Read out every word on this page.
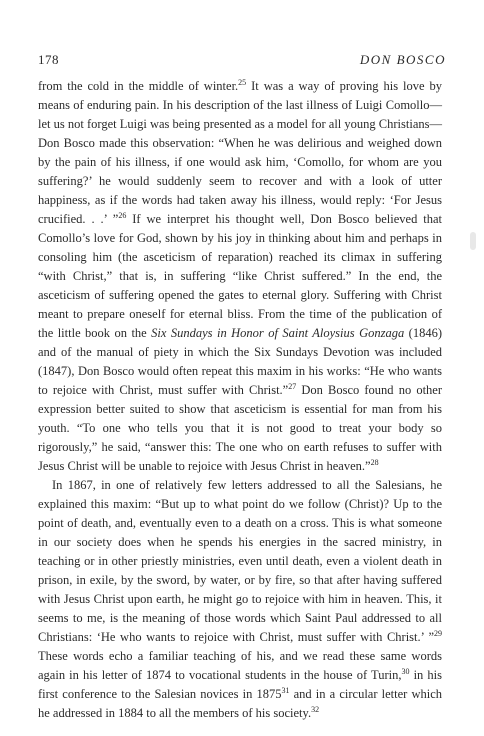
178	DON BOSCO

from the cold in the middle of winter.$^{25}$ It was a way of proving his love by means of enduring pain. In his description of the last illness of Luigi Comollo—let us not forget Luigi was being presented as a model for all young Christians—Don Bosco made this observation: “When he was delirious and weighed down by the pain of his illness, if one would ask him, ‘Comollo, for whom are you suffering?’ he would suddenly seem to recover and with a look of utter happiness, as if the words had taken away his illness, would reply: ‘For Jesus crucified. . .’ ”$^{26}$ If we interpret his thought well, Don Bosco believed that Comollo’s love for God, shown by his joy in thinking about him and perhaps in consoling him (the asceticism of reparation) reached its climax in suffering “with Christ,” that is, in suffering “like Christ suffered.” In the end, the asceticism of suffering opened the gates to eternal glory. Suffering with Christ meant to prepare oneself for eternal bliss. From the time of the publication of the little book on the Six Sundays in Honor of Saint Aloysius Gonzaga (1846) and of the manual of piety in which the Six Sundays Devotion was included (1847), Don Bosco would often repeat this maxim in his works: “He who wants to rejoice with Christ, must suffer with Christ.”$^{27}$ Don Bosco found no other expression better suited to show that asceticism is essential for man from his youth. “To one who tells you that it is not good to treat your body so rigorously,” he said, “answer this: The one who on earth refuses to suffer with Jesus Christ will be unable to rejoice with Jesus Christ in heaven.”$^{28}$

In 1867, in one of relatively few letters addressed to all the Salesians, he explained this maxim: “But up to what point do we follow (Christ)? Up to the point of death, and, eventually even to a death on a cross. This is what someone in our society does when he spends his energies in the sacred ministry, in teaching or in other priestly ministries, even until death, even a violent death in prison, in exile, by the sword, by water, or by fire, so that after having suffered with Jesus Christ upon earth, he might go to rejoice with him in heaven. This, it seems to me, is the meaning of those words which Saint Paul addressed to all Christians: ‘He who wants to rejoice with Christ, must suffer with Christ.’ ”$^{29}$ These words echo a familiar teaching of his, and we read these same words again in his letter of 1874 to vocational students in the house of Turin,$^{30}$ in his first conference to the Salesian novices in 1875$^{31}$ and in a circular letter which he addressed in 1884 to all the members of his society.$^{32}$
